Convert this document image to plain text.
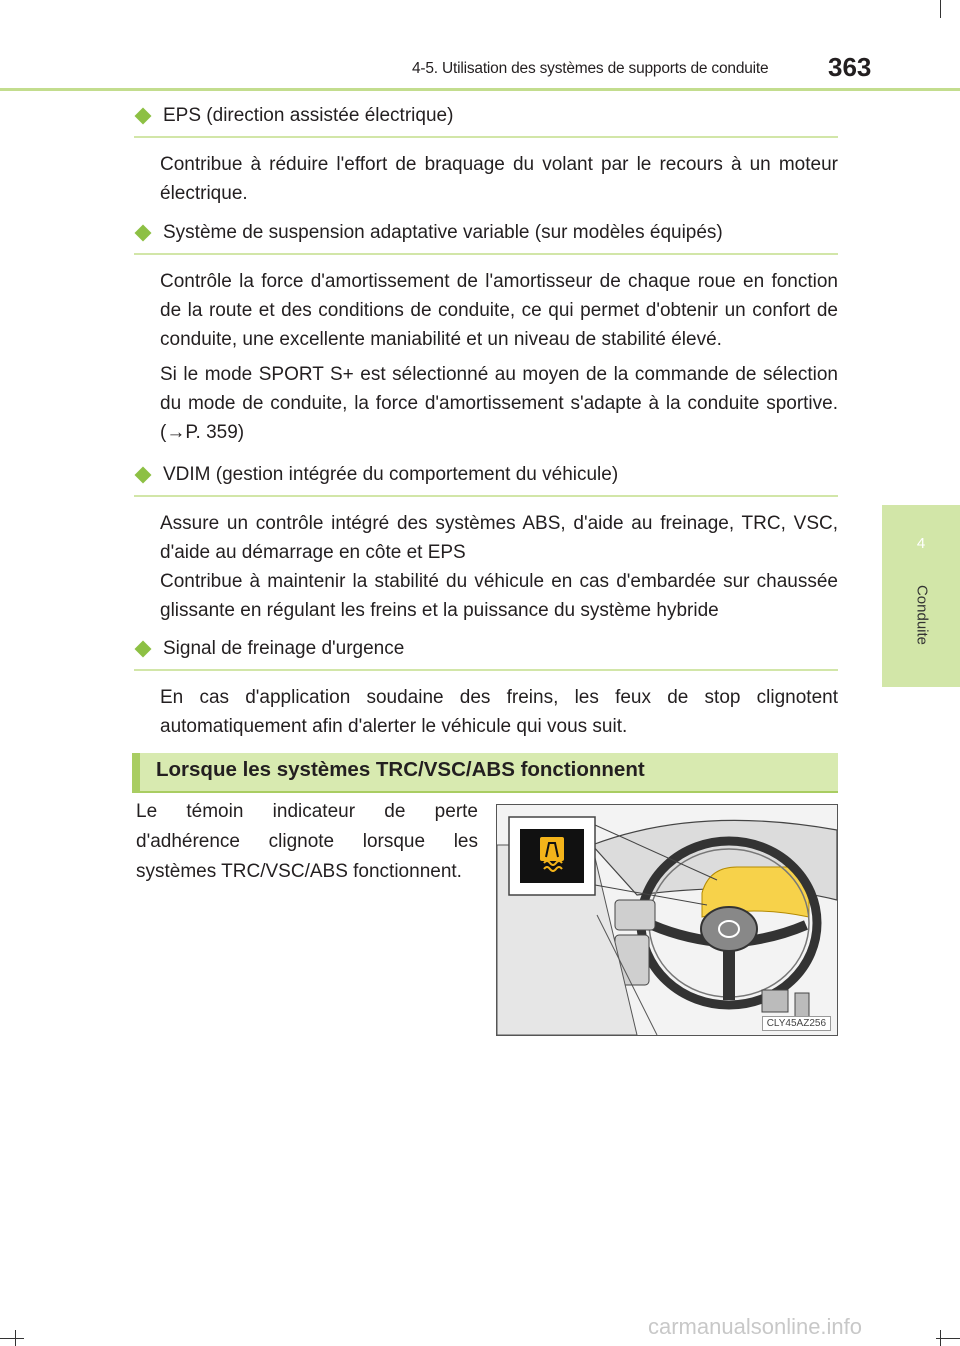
4-5. Utilisation des systèmes de supports de conduite 363
4
Conduite
EPS (direction assistée électrique)

Contribue à réduire l'effort de braquage du volant par le recours à un moteur électrique.

Système de suspension adaptative variable (sur modèles équipés)

Contrôle la force d'amortissement de l'amortisseur de chaque roue en fonction de la route et des conditions de conduite, ce qui permet d'obtenir un confort de conduite, une excellente maniabilité et un niveau de stabilité élevé.

Si le mode SPORT S+ est sélectionné au moyen de la commande de sélection du mode de conduite, la force d'amortissement s'adapte à la conduite sportive. (→P. 359)

VDIM (gestion intégrée du comportement du véhicule)

Assure un contrôle intégré des systèmes ABS, d'aide au freinage, TRC, VSC, d'aide au démarrage en côte et EPS

Contribue à maintenir la stabilité du véhicule en cas d'embardée sur chaussée glissante en régulant les freins et la puissance du système hybride

Signal de freinage d'urgence

En cas d'application soudaine des freins, les feux de stop clignotent automatiquement afin d'alerter le véhicule qui vous suit.

Lorsque les systèmes TRC/VSC/ABS fonctionnent
Le témoin indicateur de perte d'adhérence clignote lorsque les systèmes TRC/VSC/ABS fonctionnent.
CLY45AZ256
carmanualsonline.info
